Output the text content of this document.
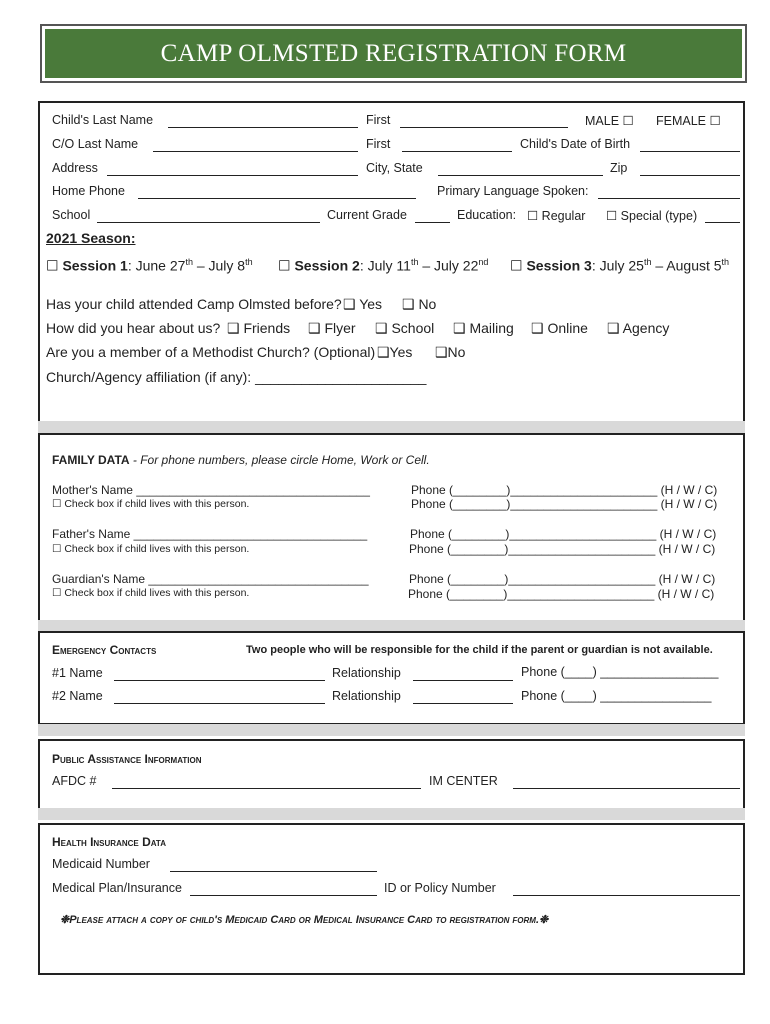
CAMP OLMSTED REGISTRATION FORM
Child's Last Name	First	MALE ☐ FEMALE ☐
C/O Last Name	First	Child's Date of Birth
Address	City, State	Zip
Home Phone	Primary Language Spoken:
School	Current Grade	Education: ☐ Regular ☐ Special (type)
2021 Season:
☐ Session 1: June 27th – July 8th ☐ Session 2: July 11th – July 22nd ☐ Session 3: July 25th – August 5th
Has your child attended Camp Olmsted before? ❑ Yes ❑ No
How did you hear about us? ❑ Friends ❑ Flyer ❑ School ❑ Mailing ❑ Online ❑ Agency
Are you a member of a Methodist Church? (Optional) ❑Yes ❑No
Church/Agency affiliation (if any): ______________________
FAMILY DATA - For phone numbers, please circle Home, Work or Cell.
Mother's Name ___________________________________
☐ Check box if child lives with this person.
Phone (________)______________________ (H / W / C)
Phone (________)______________________ (H / W / C)
Father's Name ___________________________________
☐ Check box if child lives with this person.
Phone (________)______________________ (H / W / C)
Phone (________)______________________ (H / W / C)
Guardian's Name _________________________________
☐ Check box if child lives with this person.
Phone (________)______________________ (H / W / C)
Phone (________)______________________ (H / W / C)
Emergency Contacts	Two people who will be responsible for the child if the parent or guardian is not available.
#1 Name	Relationship	Phone (____) _________________
#2 Name	Relationship	Phone (____) ________________
Public Assistance Information
AFDC #	IM CENTER
Health Insurance Data
Medicaid Number
Medical Plan/Insurance	ID or Policy Number
❉Please attach a copy of child's Medicaid Card or Medical Insurance Card to registration form.❉
